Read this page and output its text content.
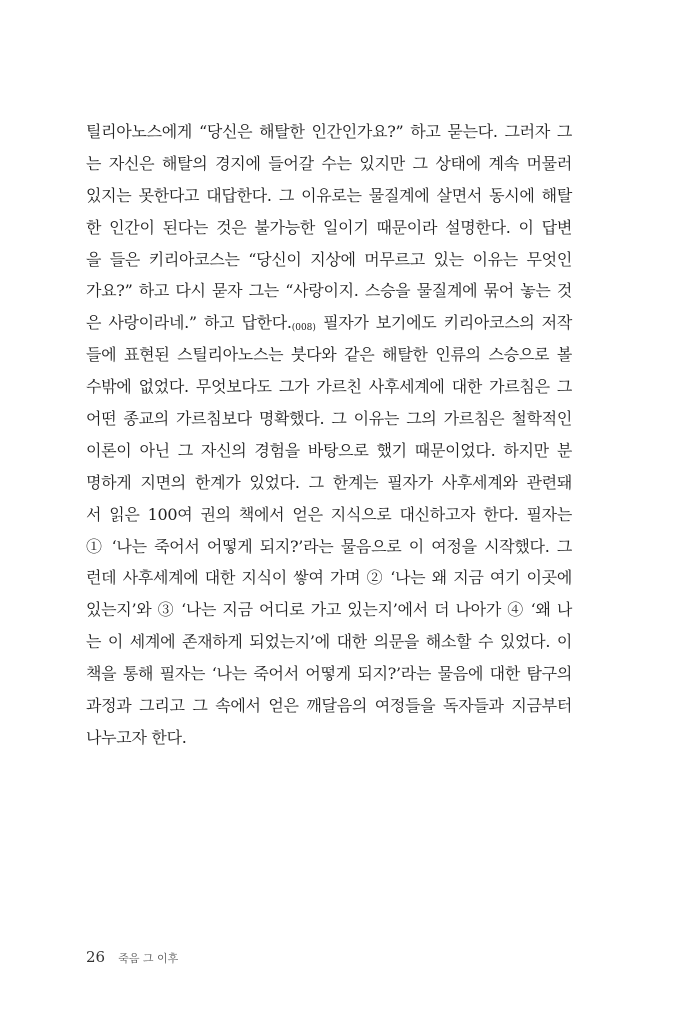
틸리아노스에게 “당신은 해탈한 인간인가요?” 하고 묻는다. 그러자 그
는 자신은 해탈의 경지에 들어갈 수는 있지만 그 상태에 계속 머물러
있지는 못한다고 대답한다. 그 이유로는 물질계에 살면서 동시에 해탈
한 인간이 된다는 것은 불가능한 일이기 때문이라 설명한다. 이 답변
을 들은 키리아코스는 “당신이 지상에 머무르고 있는 이유는 무엇인
가요?” 하고 다시 묻자 그는 “사랑이지. 스승을 물질계에 묶어 놓는 것
은 사랑이라네.” 하고 답한다$._{(008)}$ 필자가 보기에도 키리아코스의 저작
들에 표현된 스틸리아노스는 붓다와 같은 해탈한 인류의 스승으로 볼
수밖에 없었다. 무엇보다도 그가 가르친 사후세계에 대한 가르침은 그
어떤 종교의 가르침보다 명확했다. 그 이유는 그의 가르침은 철학적인
이론이 아닌 그 자신의 경험을 바탕으로 했기 때문이었다. 하지만 분
명하게 지면의 한계가 있었다. 그 한계는 필자가 사후세계와 관련돼
서 읽은 100여 권의 책에서 얻은 지식으로 대신하고자 한다. 필자는
① ‘나는 죽어서 어떻게 되지?’라는 물음으로 이 여정을 시작했다. 그
런데 사후세계에 대한 지식이 쌓여 가며 ② ‘나는 왜 지금 여기 이곳에
있는지’와 ③ ‘나는 지금 어디로 가고 있는지’에서 더 나아가 ④ ‘왜 나
는 이 세계에 존재하게 되었는지’에 대한 의문을 해소할 수 있었다. 이
책을 통해 필자는 ‘나는 죽어서 어떻게 되지?’라는 물음에 대한 탐구의
과정과 그리고 그 속에서 얻은 깨달음의 여정들을 독자들과 지금부터
나누고자 한다.
26 죽음 그 이후
